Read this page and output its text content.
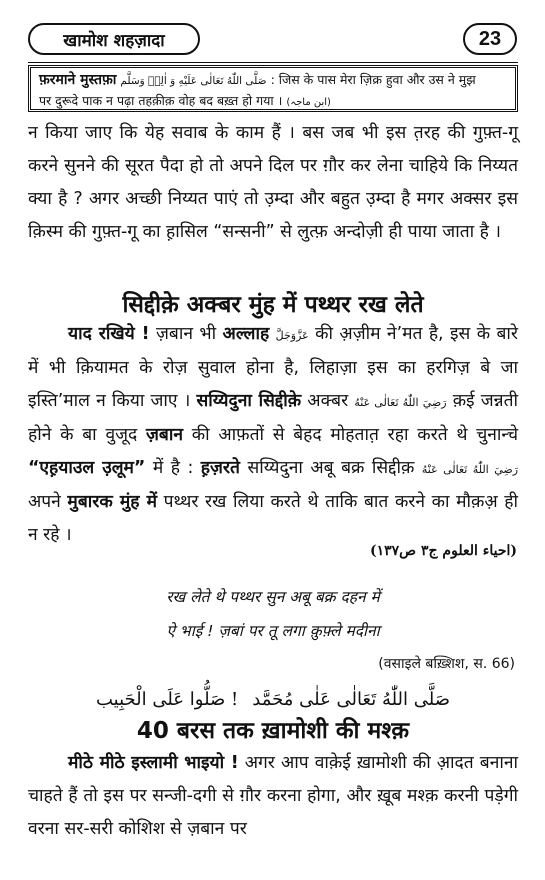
खामोश शहज़ादा	23
फ़रमाने मुस्तफ़ा صَلَّى اللّٰهُ تَعَالٰى عَلَيْهِ وَ اٰلِهٖ وَسَلَّم : जिस के पास मेरा ज़िक्र हुवा और उस ने मुझ
पर दुरूदे पाक न पढ़ा तहक़ीक़ वोह बद बख़्त हो गया । (ابن ماجہ)
न किया जाए कि येह सवाब के काम हैं । बस जब भी इस त़रह की गुफ़्त-गू करने सुनने की सूरत पैदा हो तो अपने दिल पर ग़ौर कर लेना चाहिये कि निय्यत क्या है ? अगर अच्छी निय्यत पाएं तो उ़म्दा और बहुत उ़म्दा है मगर अक्सर इस क़िस्म की गुफ़्त-गू का ह़ासिल “सन्सनी” से लुत्फ़ अन्दोज़ी ही पाया जाता है ।
सिद्दीक़े अक्बर मुंह में पथ्थर रख लेते
याद रखिये ! ज़बान भी अल्लाह عَزَّوَجَلَّ की अ़ज़ीम ने’मत है, इस के बारे में भी क़ियामत के रोज़ सुवाल होना है, लिहाज़ा इस का हरगिज़ बे जा इस्ति’माल न किया जाए । सय्यिदुना सिद्दीक़े अक्बर رَضِيَ اللّٰهُ تَعَالٰی عَنْهُ क़ई जन्नती होने के बा वुजूद ज़बान की आफ़तों से बेहद मोहतात़ रहा करते थे चुनान्चे “एह़याउल उ़लूम” में है : ह़ज़रते सय्यिदुना अबू बक्र सिद्दीक़ رَضِيَ اللّٰهُ تَعَالٰی عَنْهُ अपने मुबारक मुंह में पथ्थर रख लिया करते थे ताकि बात करने का मौक़अ़ ही न रहे ।
(احیاء العلوم ج۳ ص۱۳۷)
रख लेते थे पथ्थर सुन अबू बक्र दहन में
ऐ भाई ! ज़बां पर तू लगा क़ुफ़्ले मदीना
(वसाइले बख़्शिश, स. 66)
صَلُّوا عَلَى الْحَبِيب ! صَلَّى اللّٰهُ تَعَالٰى عَلٰى مُحَمَّد
40 बरस तक ख़ामोशी की मश्क़
मीठे मीठे इस्लामी भाइयो ! अगर आप वाक़ेई ख़ामोशी की आ़दत बनाना चाहते हैं तो इस पर सन्जी-दगी से ग़ौर करना होगा, और ख़ूब मश्क़ करनी पड़ेगी वरना सर-सरी कोशिश से ज़बान पर
